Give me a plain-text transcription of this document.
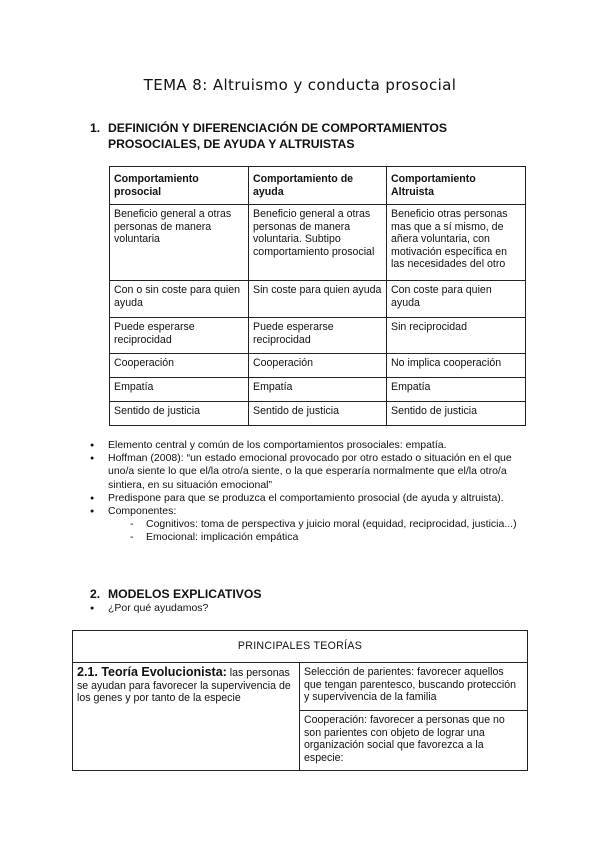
TEMA 8: Altruismo y conducta prosocial
1. DEFINICIÓN Y DIFERENCIACIÓN DE COMPORTAMIENTOS PROSOCIALES, DE AYUDA Y ALTRUISTAS
Comportamiento prosocial	Comportamiento de ayuda	Comportamiento Altruista
Beneficio general a otras personas de manera voluntaria	Beneficio general a otras personas de manera voluntaria. Subtipo comportamiento prosocial	Beneficio otras personas mas que a sí mismo, de añera voluntaria, con motivación específica en las necesidades del otro
Con o sin coste para quien ayuda	Sin coste para quien ayuda	Con coste para quien ayuda
Puede esperarse reciprocidad	Puede esperarse reciprocidad	Sin reciprocidad
Cooperación	Cooperación	No implica cooperación
Empatía	Empatía	Empatía
Sentido de justicia	Sentido de justicia	Sentido de justicia
● Elemento central y común de los comportamientos prosociales: empatía.
● Hoffman (2008): “un estado emocional provocado por otro estado o situación en el que uno/a siente lo que el/la otro/a siente, o la que esperaría normalmente que el/la otro/a sintiera, en su situación emocional”
● Predispone para que se produzca el comportamiento prosocial (de ayuda y altruista).
● Componentes:
- Cognitivos: toma de perspectiva y juicio moral (equidad, reciprocidad, justicia...)
- Emocional: implicación empática
2. MODELOS EXPLICATIVOS
● ¿Por qué ayudamos?
PRINCIPALES TEORÍAS
2.1. Teoría Evolucionista: las personas se ayudan para favorecer la supervivencia de los genes y por tanto de la especie	Selección de parientes: favorecer aquellos que tengan parentesco, buscando protección y supervivencia de la familia
Cooperación: favorecer a personas que no son parientes con objeto de lograr una organización social que favorezca a la especie:
